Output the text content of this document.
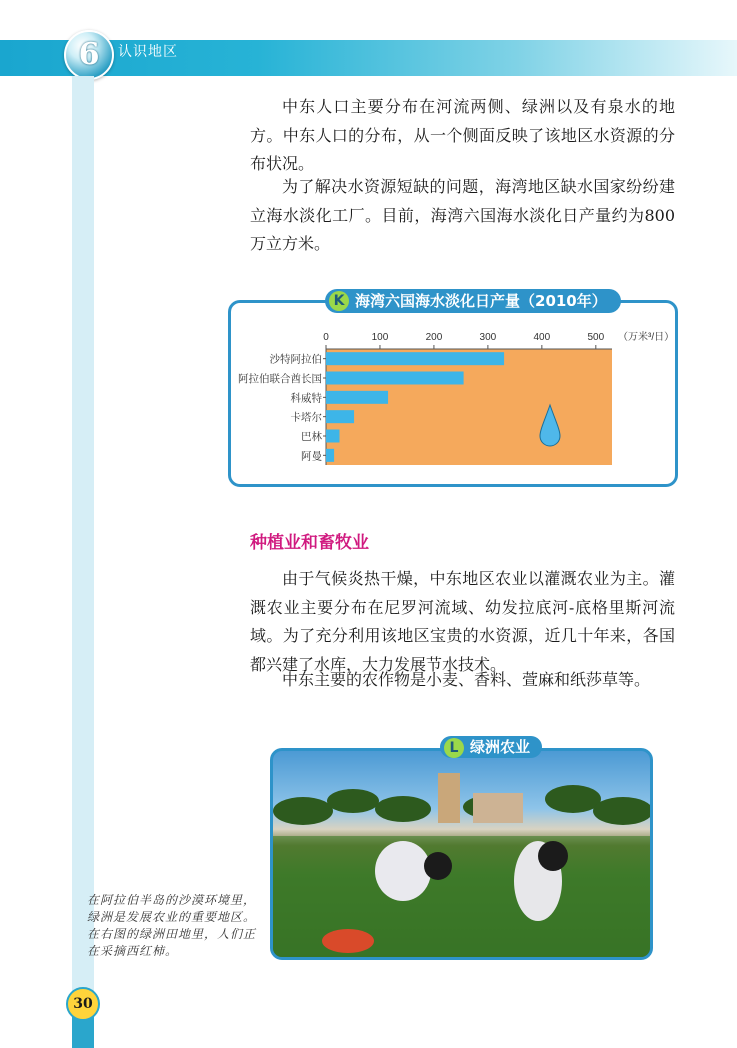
6	认识地区
中东人口主要分布在河流两侧、绿洲以及有泉水的地方。中东人口的分布，从一个侧面反映了该地区水资源的分布状况。
为了解决水资源短缺的问题，海湾地区缺水国家纷纷建立海水淡化工厂。目前，海湾六国海水淡化日产量约为800万立方米。
0	100	200	300	400	500 （万米³/日）
沙特阿拉伯
阿拉伯联合酋长国
科威特
卡塔尔
巴林
阿曼
K 海湾六国海水淡化日产量（2010年）
种植业和畜牧业
由于气候炎热干燥，中东地区农业以灌溉农业为主。灌溉农业主要分布在尼罗河流域、幼发拉底河-底格里斯河流域。为了充分利用该地区宝贵的水资源，近几十年来，各国都兴建了水库，大力发展节水技术。
中东主要的农作物是小麦、香料、萱麻和纸莎草等。
L 绿洲农业
在阿拉伯半岛的沙漠环境里，绿洲是发展农业的重要地区。在右图的绿洲田地里，人们正在采摘西红柿。
30
